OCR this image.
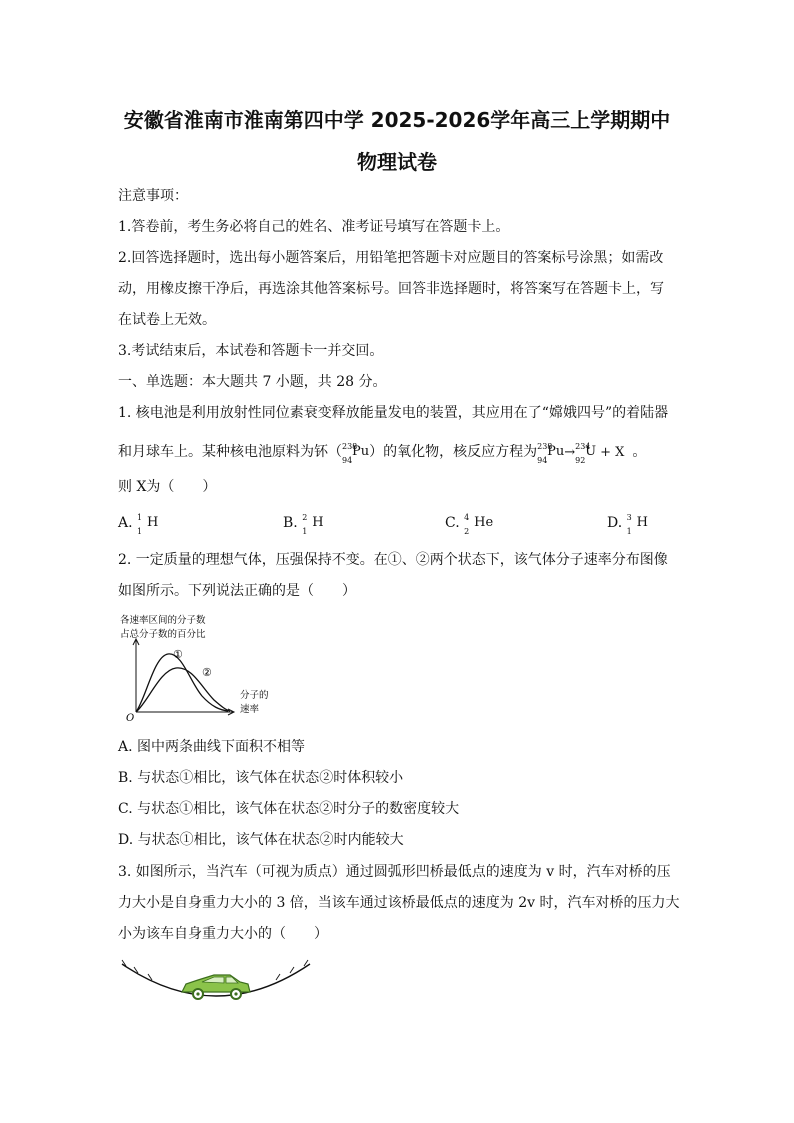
安徽省淮南市淮南第四中学 2025-2026学年高三上学期期中
物理试卷
注意事项：
1.答卷前，考生务必将自己的姓名、准考证号填写在答题卡上。
2.回答选择题时，选出每小题答案后，用铅笔把答题卡对应题目的答案标号涂黑；如需改
动，用橡皮擦干净后，再选涂其他答案标号。回答非选择题时，将答案写在答题卡上，写
在试卷上无效。
3.考试结束后，本试卷和答题卡一并交回。
一、单选题：本大题共 7 小题，共 28 分。
1. 核电池是利用放射性同位素衰变释放能量发电的装置，其应用在了“嫦娥四号”的着陆器
和月球车上。某种核电池原料为钚（ 238
94
Pu）的氧化物，核反应方程为 238
94
Pu→ 234
92
U + X 。
则 X为（　　）
A. 1
1
H	B. 2
1
H	C. 4
2
He	D. 3
1
H
2. 一定质量的理想气体，压强保持不变。在①、②两个状态下，该气体分子速率分布图像
如图所示。下列说法正确的是（　　）
各速率区间的分子数
占总分子数的百分比
①
②
分子的
速率
O
A. 图中两条曲线下面积不相等
B. 与状态①相比，该气体在状态②时体积较小
C. 与状态①相比，该气体在状态②时分子的数密度较大
D. 与状态①相比，该气体在状态②时内能较大
3. 如图所示，当汽车（可视为质点）通过圆弧形凹桥最低点的速度为 v 时，汽车对桥的压
力大小是自身重力大小的 3 倍，当该车通过该桥最低点的速度为 2v 时，汽车对桥的压力大
小为该车自身重力大小的（　　）
